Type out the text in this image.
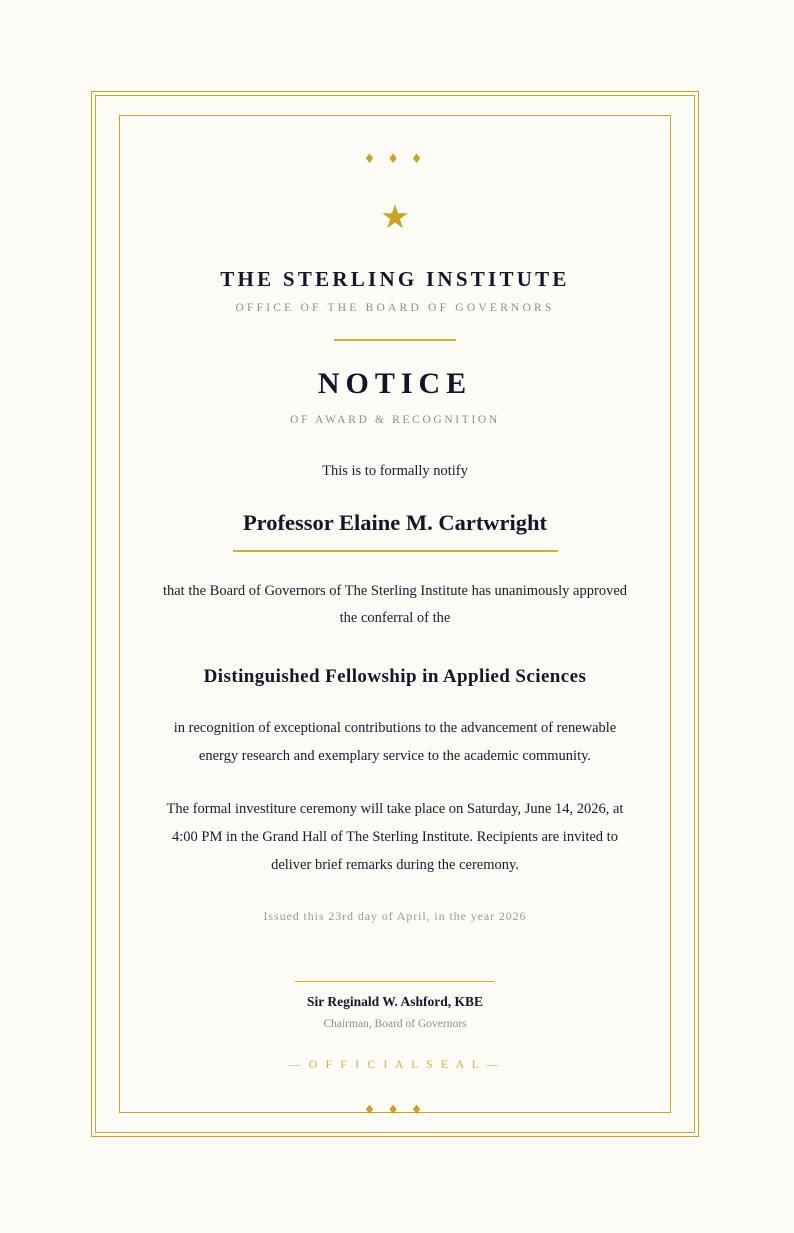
♦ ♦ ♦
★
THE STERLING INSTITUTE
OFFICE OF THE BOARD OF GOVERNORS
NOTICE
OF AWARD & RECOGNITION
This is to formally notify
Professor Elaine M. Cartwright
that the Board of Governors of The Sterling Institute has unanimously approved the conferral of the
Distinguished Fellowship in Applied Sciences
in recognition of exceptional contributions to the advancement of renewable energy research and exemplary service to the academic community.
The formal investiture ceremony will take place on Saturday, June 14, 2026, at 4:00 PM in the Grand Hall of The Sterling Institute. Recipients are invited to deliver brief remarks during the ceremony.
Issued this 23rd day of April, in the year 2026
Sir Reginald W. Ashford, KBE
Chairman, Board of Governors
— O F F I C I A L S E A L —
♦ ♦ ♦
